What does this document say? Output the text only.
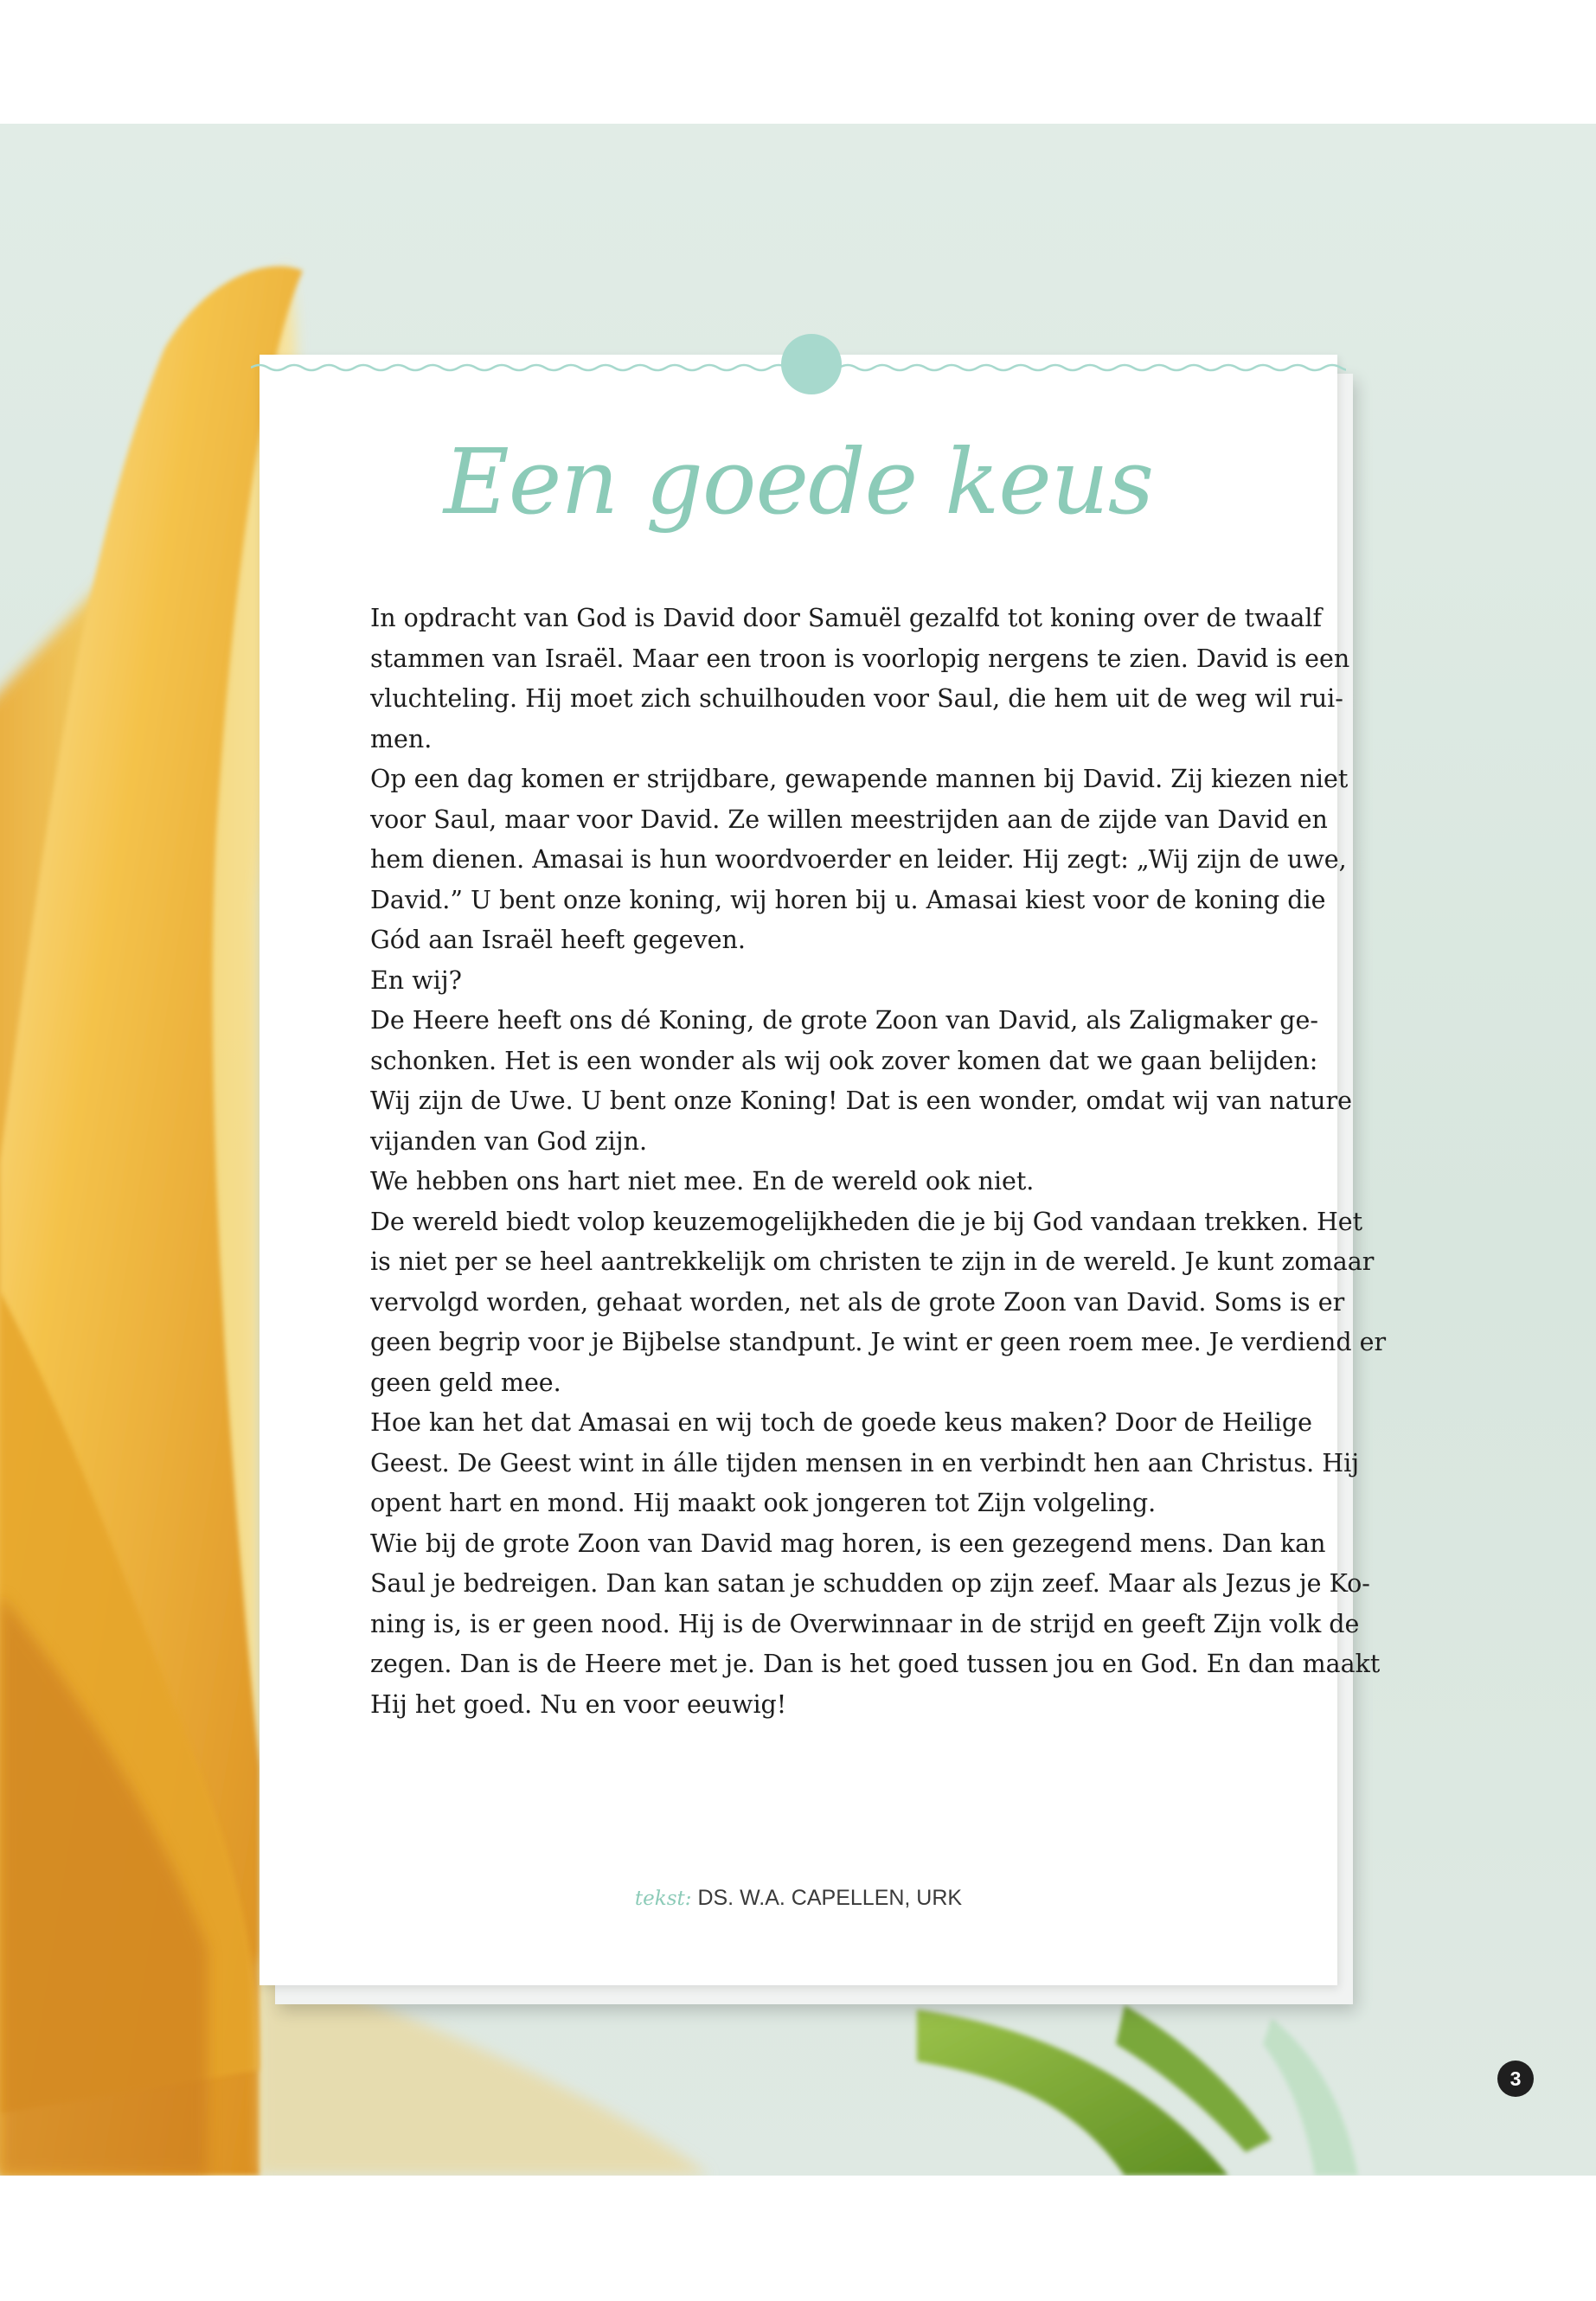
Een goede keus
In opdracht van God is David door Samuël gezalfd tot koning over de twaalf
stammen van Israël. Maar een troon is voorlopig nergens te zien. David is een
vluchteling. Hij moet zich schuilhouden voor Saul, die hem uit de weg wil rui-
men.
Op een dag komen er strijdbare, gewapende mannen bij David. Zij kiezen niet
voor Saul, maar voor David. Ze willen meestrijden aan de zijde van David en
hem dienen. Amasai is hun woordvoerder en leider. Hij zegt: „Wij zijn de uwe,
David.” U bent onze koning, wij horen bij u. Amasai kiest voor de koning die
Gód aan Israël heeft gegeven.
En wij?
De Heere heeft ons dé Koning, de grote Zoon van David, als Zaligmaker ge-
schonken. Het is een wonder als wij ook zover komen dat we gaan belijden:
Wij zijn de Uwe. U bent onze Koning! Dat is een wonder, omdat wij van nature
vijanden van God zijn.
We hebben ons hart niet mee. En de wereld ook niet.
De wereld biedt volop keuzemogelijkheden die je bij God vandaan trekken. Het
is niet per se heel aantrekkelijk om christen te zijn in de wereld. Je kunt zomaar
vervolgd worden, gehaat worden, net als de grote Zoon van David. Soms is er
geen begrip voor je Bijbelse standpunt. Je wint er geen roem mee. Je verdiend er
geen geld mee.
Hoe kan het dat Amasai en wij toch de goede keus maken? Door de Heilige
Geest. De Geest wint in álle tijden mensen in en verbindt hen aan Christus. Hij
opent hart en mond. Hij maakt ook jongeren tot Zijn volgeling.
Wie bij de grote Zoon van David mag horen, is een gezegend mens. Dan kan
Saul je bedreigen. Dan kan satan je schudden op zijn zeef. Maar als Jezus je Ko-
ning is, is er geen nood. Hij is de Overwinnaar in de strijd en geeft Zijn volk de
zegen. Dan is de Heere met je. Dan is het goed tussen jou en God. En dan maakt
Hij het goed. Nu en voor eeuwig!
tekst: DS. W.A. CAPELLEN, URK
3
